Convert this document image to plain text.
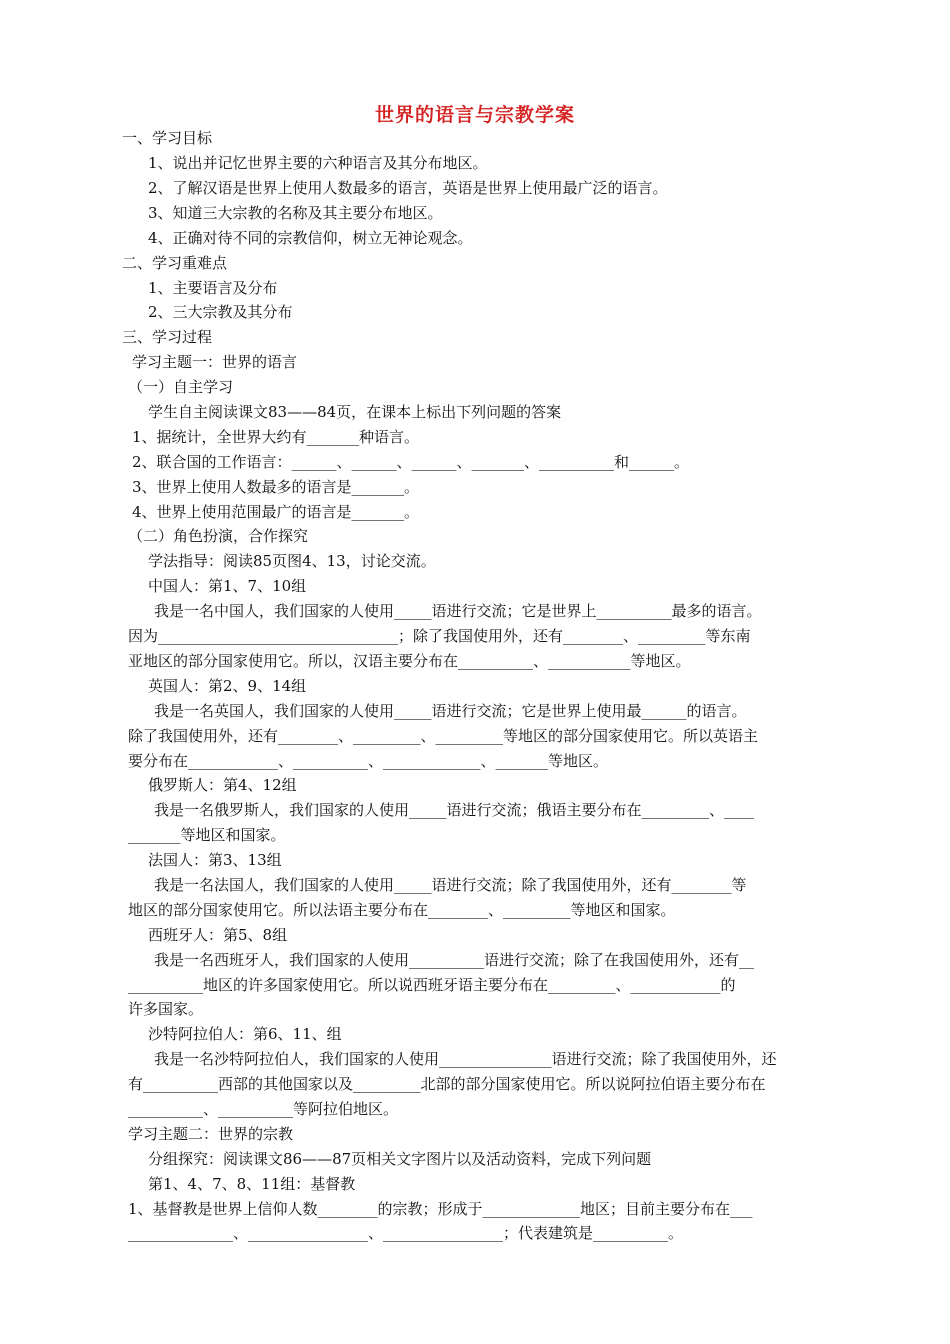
世界的语言与宗教学案
一、学习目标
1、说出并记忆世界主要的六种语言及其分布地区。
2、了解汉语是世界上使用人数最多的语言，英语是世界上使用最广泛的语言。
3、知道三大宗教的名称及其主要分布地区。
4、正确对待不同的宗教信仰，树立无神论观念。
二、学习重难点
1、主要语言及分布
2、三大宗教及其分布
三、学习过程
学习主题一：世界的语言
（一）自主学习
学生自主阅读课文83——84页，在课本上标出下列问题的答案
1、据统计，全世界大约有_______种语言。
2、联合国的工作语言：______、______、______、_______、__________和______。
3、世界上使用人数最多的语言是_______。
4、世界上使用范围最广的语言是_______。
（二）角色扮演，合作探究
学法指导：阅读85页图4、13，讨论交流。
中国人：第1、7、10组
我是一名中国人，我们国家的人使用_____语进行交流；它是世界上__________最多的语言。
因为________________________________；除了我国使用外，还有________、_________等东南
亚地区的部分国家使用它。所以，汉语主要分布在__________、___________等地区。
英国人：第2、9、14组
我是一名英国人，我们国家的人使用_____语进行交流；它是世界上使用最______的语言。
除了我国使用外，还有________、_________、_________等地区的部分国家使用它。所以英语主
要分布在____________、__________、_____________、_______等地区。
俄罗斯人：第4、12组
我是一名俄罗斯人，我们国家的人使用_____语进行交流；俄语主要分布在_________、____
_______等地区和国家。
法国人：第3、13组
我是一名法国人，我们国家的人使用_____语进行交流；除了我国使用外，还有________等
地区的部分国家使用它。所以法语主要分布在________、_________等地区和国家。
西班牙人：第5、8组
我是一名西班牙人，我们国家的人使用__________语进行交流；除了在我国使用外，还有__
__________地区的许多国家使用它。所以说西班牙语主要分布在_________、____________的
许多国家。
沙特阿拉伯人：第6、11、组
我是一名沙特阿拉伯人，我们国家的人使用_______________语进行交流；除了我国使用外，还
有__________西部的其他国家以及_________北部的部分国家使用它。所以说阿拉伯语主要分布在
__________、__________等阿拉伯地区。
学习主题二：世界的宗教
分组探究：阅读课文86——87页相关文字图片以及活动资料，完成下列问题
第1、4、7、8、11组：基督教
1、基督教是世界上信仰人数________的宗教；形成于_____________地区；目前主要分布在___
______________、________________、________________；代表建筑是__________。
